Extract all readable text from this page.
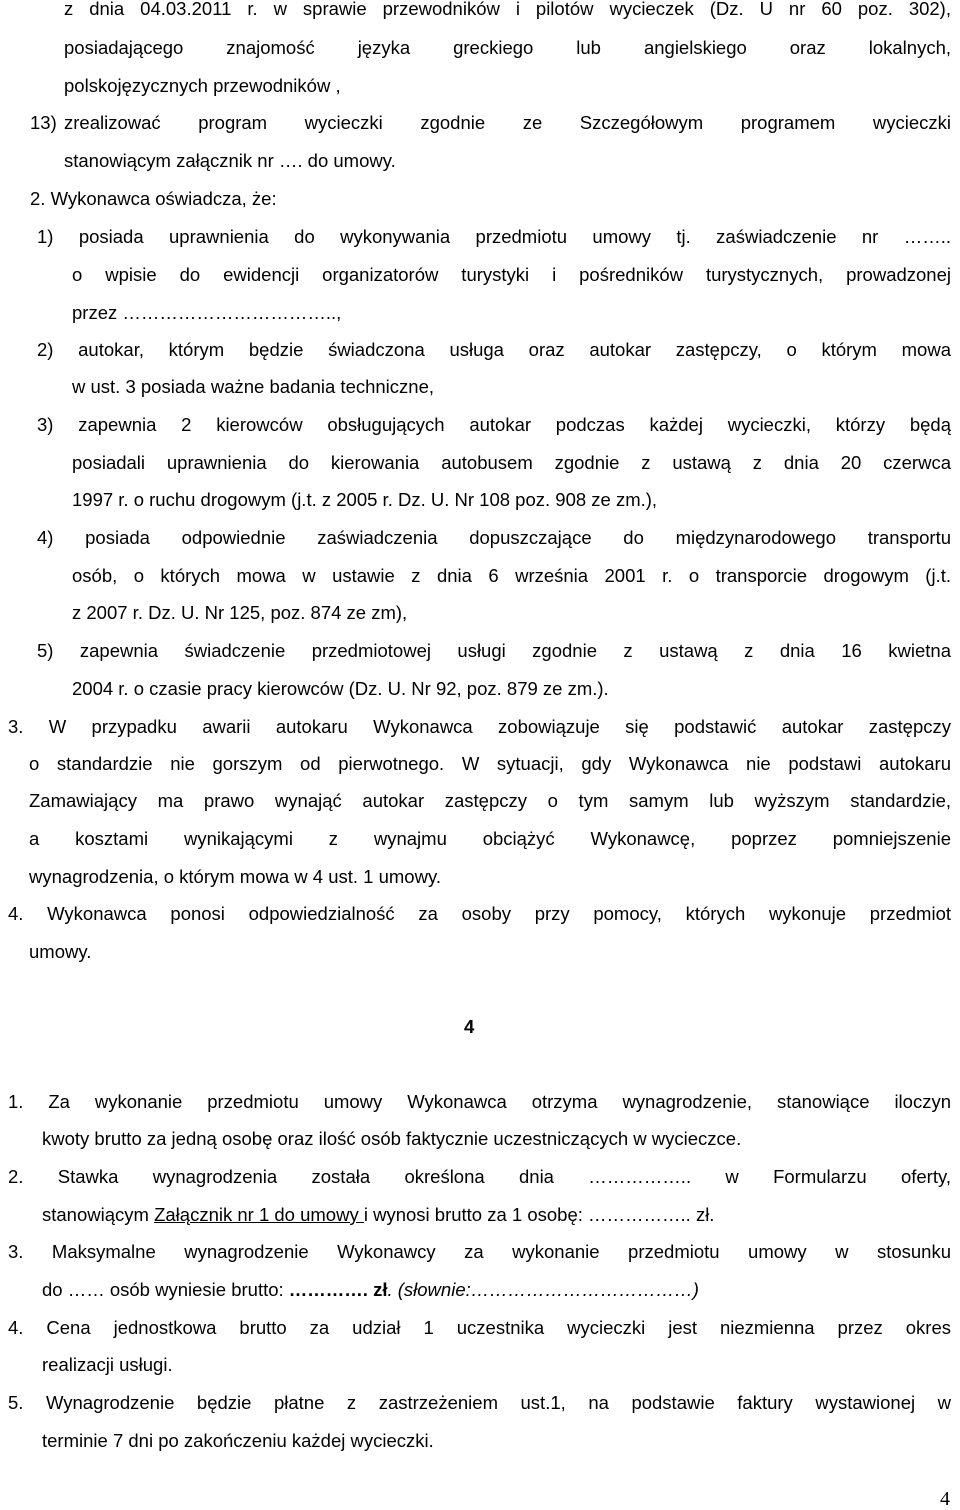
z dnia 04.03.2011 r. w sprawie przewodników i pilotów wycieczek (Dz. U nr 60 poz. 302),
posiadającego znajomość języka greckiego lub angielskiego oraz lokalnych,
polskojęzycznych przewodników ,
13) zrealizować program wycieczki zgodnie ze Szczegółowym programem wycieczki
stanowiącym załącznik nr …. do umowy.
2. Wykonawca oświadcza, że:
1) posiada uprawnienia do wykonywania przedmiotu umowy tj. zaświadczenie nr ……..
o wpisie do ewidencji organizatorów turystyki i pośredników turystycznych, prowadzonej
przez ……………………………..,
2) autokar, którym będzie świadczona usługa oraz autokar zastępczy, o którym mowa
w ust. 3 posiada ważne badania techniczne,
3) zapewnia 2 kierowców obsługujących autokar podczas każdej wycieczki, którzy będą
posiadali uprawnienia do kierowania autobusem zgodnie z ustawą z dnia 20 czerwca
1997 r. o ruchu drogowym (j.t. z 2005 r. Dz. U. Nr 108 poz. 908 ze zm.),
4) posiada odpowiednie zaświadczenia dopuszczające do międzynarodowego transportu
osób, o których mowa w ustawie z dnia 6 września 2001 r. o transporcie drogowym (j.t.
z 2007 r. Dz. U. Nr 125, poz. 874 ze zm),
5) zapewnia świadczenie przedmiotowej usługi zgodnie z ustawą z dnia 16 kwietna
2004 r. o czasie pracy kierowców (Dz. U. Nr 92, poz. 879 ze zm.).
3. W przypadku awarii autokaru Wykonawca zobowiązuje się podstawić autokar zastępczy
o standardzie nie gorszym od pierwotnego. W sytuacji, gdy Wykonawca nie podstawi autokaru
Zamawiający ma prawo wynająć autokar zastępczy o tym samym lub wyższym standardzie,
a kosztami wynikającymi z wynajmu obciążyć Wykonawcę, poprzez pomniejszenie
wynagrodzenia, o którym mowa w 4 ust. 1 umowy.
4. Wykonawca ponosi odpowiedzialność za osoby przy pomocy, których wykonuje przedmiot
umowy.
4
1. Za wykonanie przedmiotu umowy Wykonawca otrzyma wynagrodzenie, stanowiące iloczyn
kwoty brutto za jedną osobę oraz ilość osób faktycznie uczestniczących w wycieczce.
2. Stawka wynagrodzenia została określona dnia …………….. w Formularzu oferty,
stanowiącym Załącznik nr 1 do umowy i wynosi brutto za 1 osobę: …………….. zł.
3. Maksymalne wynagrodzenie Wykonawcy za wykonanie przedmiotu umowy w stosunku
do …… osób wyniesie brutto: …………. zł. (słownie:………………………………)
4. Cena jednostkowa brutto za udział 1 uczestnika wycieczki jest niezmienna przez okres
realizacji usługi.
5. Wynagrodzenie będzie płatne z zastrzeżeniem ust.1, na podstawie faktury wystawionej w
terminie 7 dni po zakończeniu każdej wycieczki.
4
